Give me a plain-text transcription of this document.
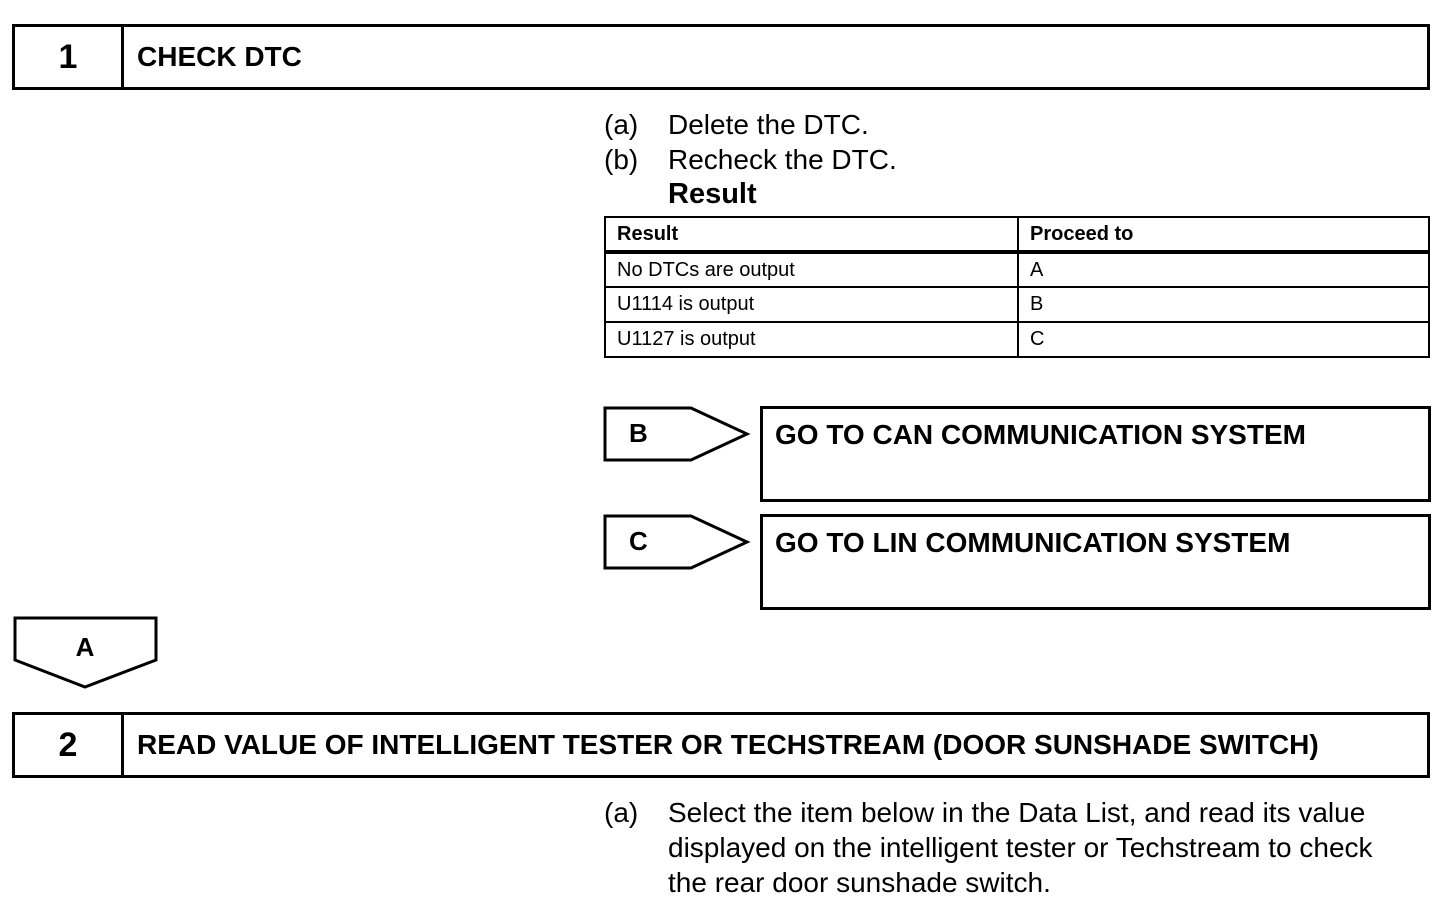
1	CHECK DTC
(a) Delete the DTC.
(b) Recheck the DTC.
Result
Result	Proceed to
No DTCs are output	A
U1114 is output	B
U1127 is output	C
B	GO TO CAN COMMUNICATION SYSTEM
C	GO TO LIN COMMUNICATION SYSTEM
A
2	READ VALUE OF INTELLIGENT TESTER OR TECHSTREAM (DOOR SUNSHADE SWITCH)
(a) Select the item below in the Data List, and read its value
displayed on the intelligent tester or Techstream to check
the rear door sunshade switch.
